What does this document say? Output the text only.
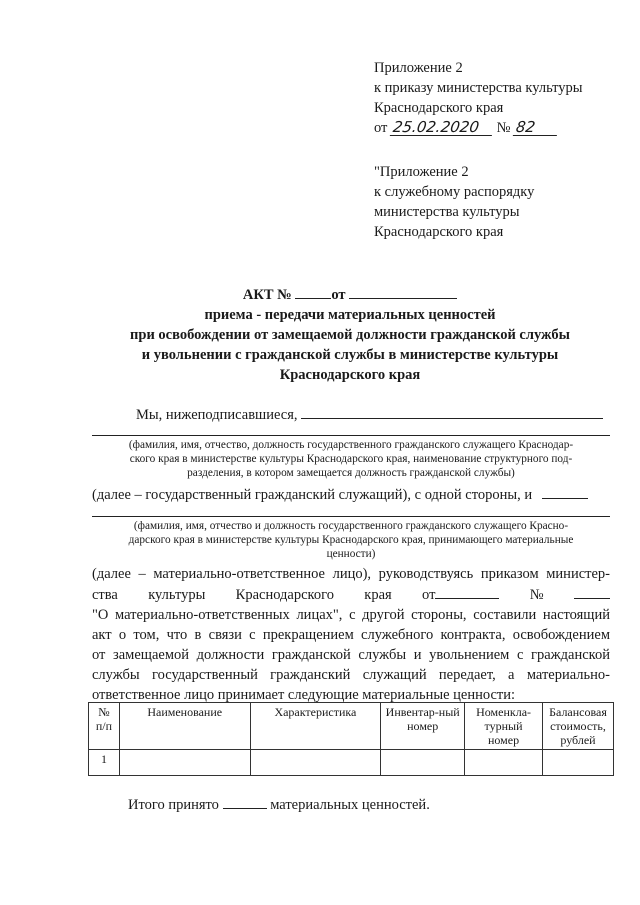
Приложение 2
к приказу министерства культуры
Краснодарского края
от 25.02.2020 № 82
"Приложение 2
к служебному распорядку
министерства культуры
Краснодарского края
АКТ №	от
приема - передачи материальных ценностей
при освобождении от замещаемой должности гражданской службы
и увольнении с гражданской службы в министерстве культуры
Краснодарского края
Мы, нижеподписавшиеся,
(фамилия, имя, отчество, должность государственного гражданского служащего Краснодар-
ского края в министерстве культуры Краснодарского края, наименование структурного под-
разделения, в котором замещается должность гражданской службы)
(далее – государственный гражданский служащий), с одной стороны, и
(фамилия, имя, отчество и должность государственного гражданского служащего Красно-
дарского края в министерстве культуры Краснодарского края, принимающего материальные
ценности)
(далее – материально-ответственное лицо), руководствуясь приказом министер-
ства культуры Краснодарского края от	№
"О материально-ответственных лицах", с другой стороны, составили настоящий
акт о том, что в связи с прекращением служебного контракта, освобождением
от замещаемой должности гражданской службы и увольнением с гражданской
службы государственный гражданский служащий передает, а материально-
ответственное лицо принимает следующие материальные ценности:
№ п/п	Наименование	Характеристика	Инвентар-ный номер	Номенкла-турный номер	Балансовая стоимость, рублей
1					
Итого принято	материальных ценностей.
